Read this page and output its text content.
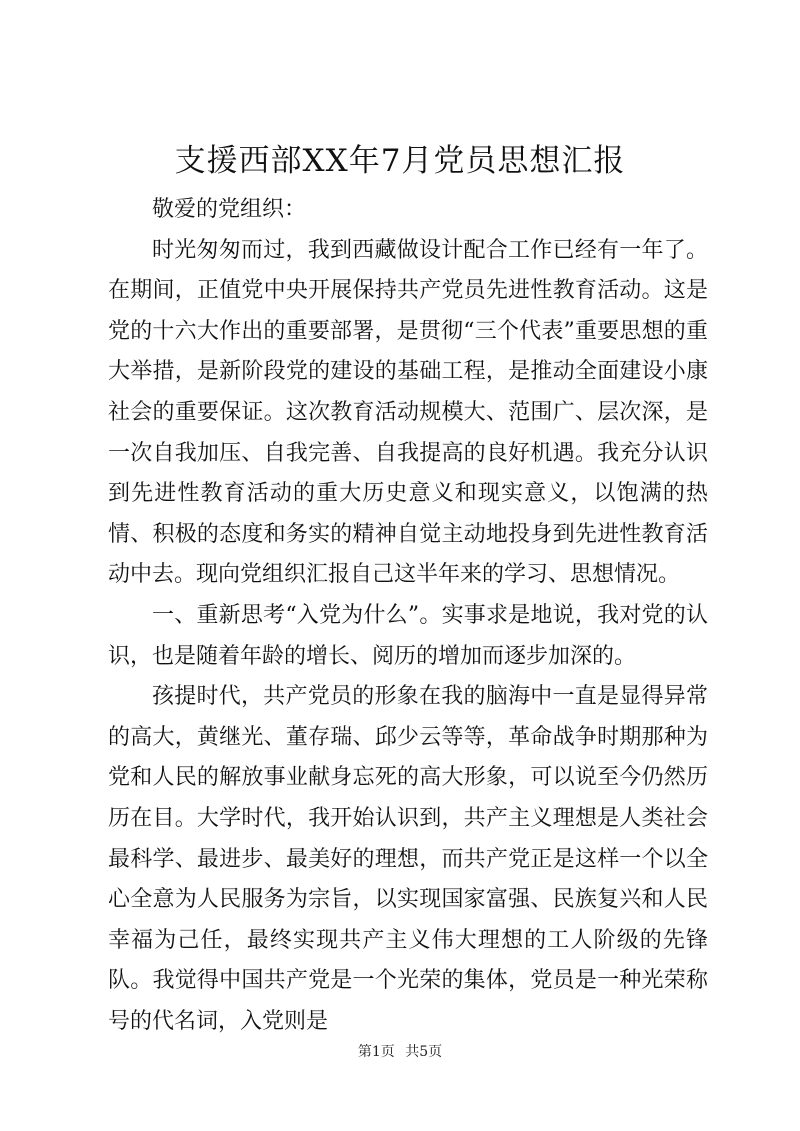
支援西部XX年7月党员思想汇报

敬爱的党组织：

时光匆匆而过，我到西藏做设计配合工作已经有一年了。在期间，正值党中央开展保持共产党员先进性教育活动。这是党的十六大作出的重要部署，是贯彻“三个代表”重要思想的重大举措，是新阶段党的建设的基础工程，是推动全面建设小康社会的重要保证。这次教育活动规模大、范围广、层次深，是一次自我加压、自我完善、自我提高的良好机遇。我充分认识到先进性教育活动的重大历史意义和现实意义，以饱满的热情、积极的态度和务实的精神自觉主动地投身到先进性教育活动中去。现向党组织汇报自己这半年来的学习、思想情况。

一、重新思考“入党为什么”。实事求是地说，我对党的认识，也是随着年龄的增长、阅历的增加而逐步加深的。

孩提时代，共产党员的形象在我的脑海中一直是显得异常的高大，黄继光、董存瑞、邱少云等等，革命战争时期那种为党和人民的解放事业献身忘死的高大形象，可以说至今仍然历历在目。大学时代，我开始认识到，共产主义理想是人类社会最科学、最进步、最美好的理想，而共产党正是这样一个以全心全意为人民服务为宗旨，以实现国家富强、民族复兴和人民幸福为己任，最终实现共产主义伟大理想的工人阶级的先锋队。我觉得中国共产党是一个光荣的集体，党员是一种光荣称号的代名词，入党则是

第1页 共5页
